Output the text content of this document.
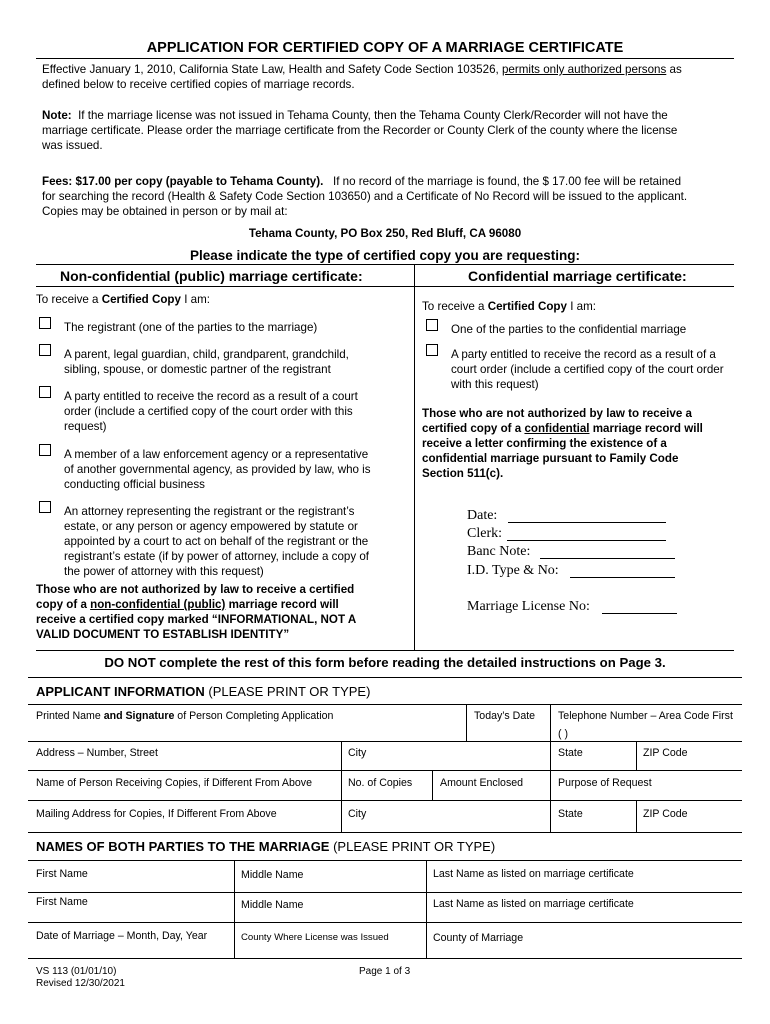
APPLICATION FOR CERTIFIED COPY OF A MARRIAGE CERTIFICATE
Effective January 1, 2010, California State Law, Health and Safety Code Section 103526, permits only authorized persons as
defined below to receive certified copies of marriage records.
Note: If the marriage license was not issued in Tehama County, then the Tehama County Clerk/Recorder will not have the
marriage certificate. Please order the marriage certificate from the Recorder or County Clerk of the county where the license
was issued.
Fees: $17.00 per copy (payable to Tehama County). If no record of the marriage is found, the $ 17.00 fee will be retained
for searching the record (Health & Safety Code Section 103650) and a Certificate of No Record will be issued to the applicant.
Copies may be obtained in person or by mail at:
Tehama County, PO Box 250, Red Bluff, CA 96080
Please indicate the type of certified copy you are requesting:
Non-confidential (public) marriage certificate:
To receive a Certified Copy I am:
The registrant (one of the parties to the marriage)
A parent, legal guardian, child, grandparent, grandchild,
sibling, spouse, or domestic partner of the registrant
A party entitled to receive the record as a result of a court
order (include a certified copy of the court order with this
request)
A member of a law enforcement agency or a representative
of another governmental agency, as provided by law, who is
conducting official business
An attorney representing the registrant or the registrant’s
estate, or any person or agency empowered by statute or
appointed by a court to act on behalf of the registrant or the
registrant’s estate (if by power of attorney, include a copy of
the power of attorney with this request)
Those who are not authorized by law to receive a certified
copy of a non-confidential (public) marriage record will
receive a certified copy marked “INFORMATIONAL, NOT A
VALID DOCUMENT TO ESTABLISH IDENTITY”
Confidential marriage certificate:
To receive a Certified Copy I am:
One of the parties to the confidential marriage
A party entitled to receive the record as a result of a
court order (include a certified copy of the court order
with this request)
Those who are not authorized by law to receive a
certified copy of a confidential marriage record will
receive a letter confirming the existence of a
confidential marriage pursuant to Family Code
Section 511(c).
Date:
Clerk:
Banc Note:
I.D. Type & No:
Marriage License No:
DO NOT complete the rest of this form before reading the detailed instructions on Page 3.
APPLICANT INFORMATION (PLEASE PRINT OR TYPE)
Printed Name and Signature of Person Completing Application	Today’s Date Telephone Number – Area Code First
( )
Address – Number, Street	City	State	ZIP Code
Name of Person Receiving Copies, if Different From Above	No. of Copies	Amount Enclosed	Purpose of Request
Mailing Address for Copies, If Different From Above	City	State	ZIP Code
NAMES OF BOTH PARTIES TO THE MARRIAGE (PLEASE PRINT OR TYPE)
First Name	Middle Name	Last Name as listed on marriage certificate
First Name	Middle Name	Last Name as listed on marriage certificate
Date of Marriage – Month, Day, Year	County Where License was Issued	County of Marriage
VS 113 (01/01/10)
Revised 12/30/2021
Page 1 of 3
